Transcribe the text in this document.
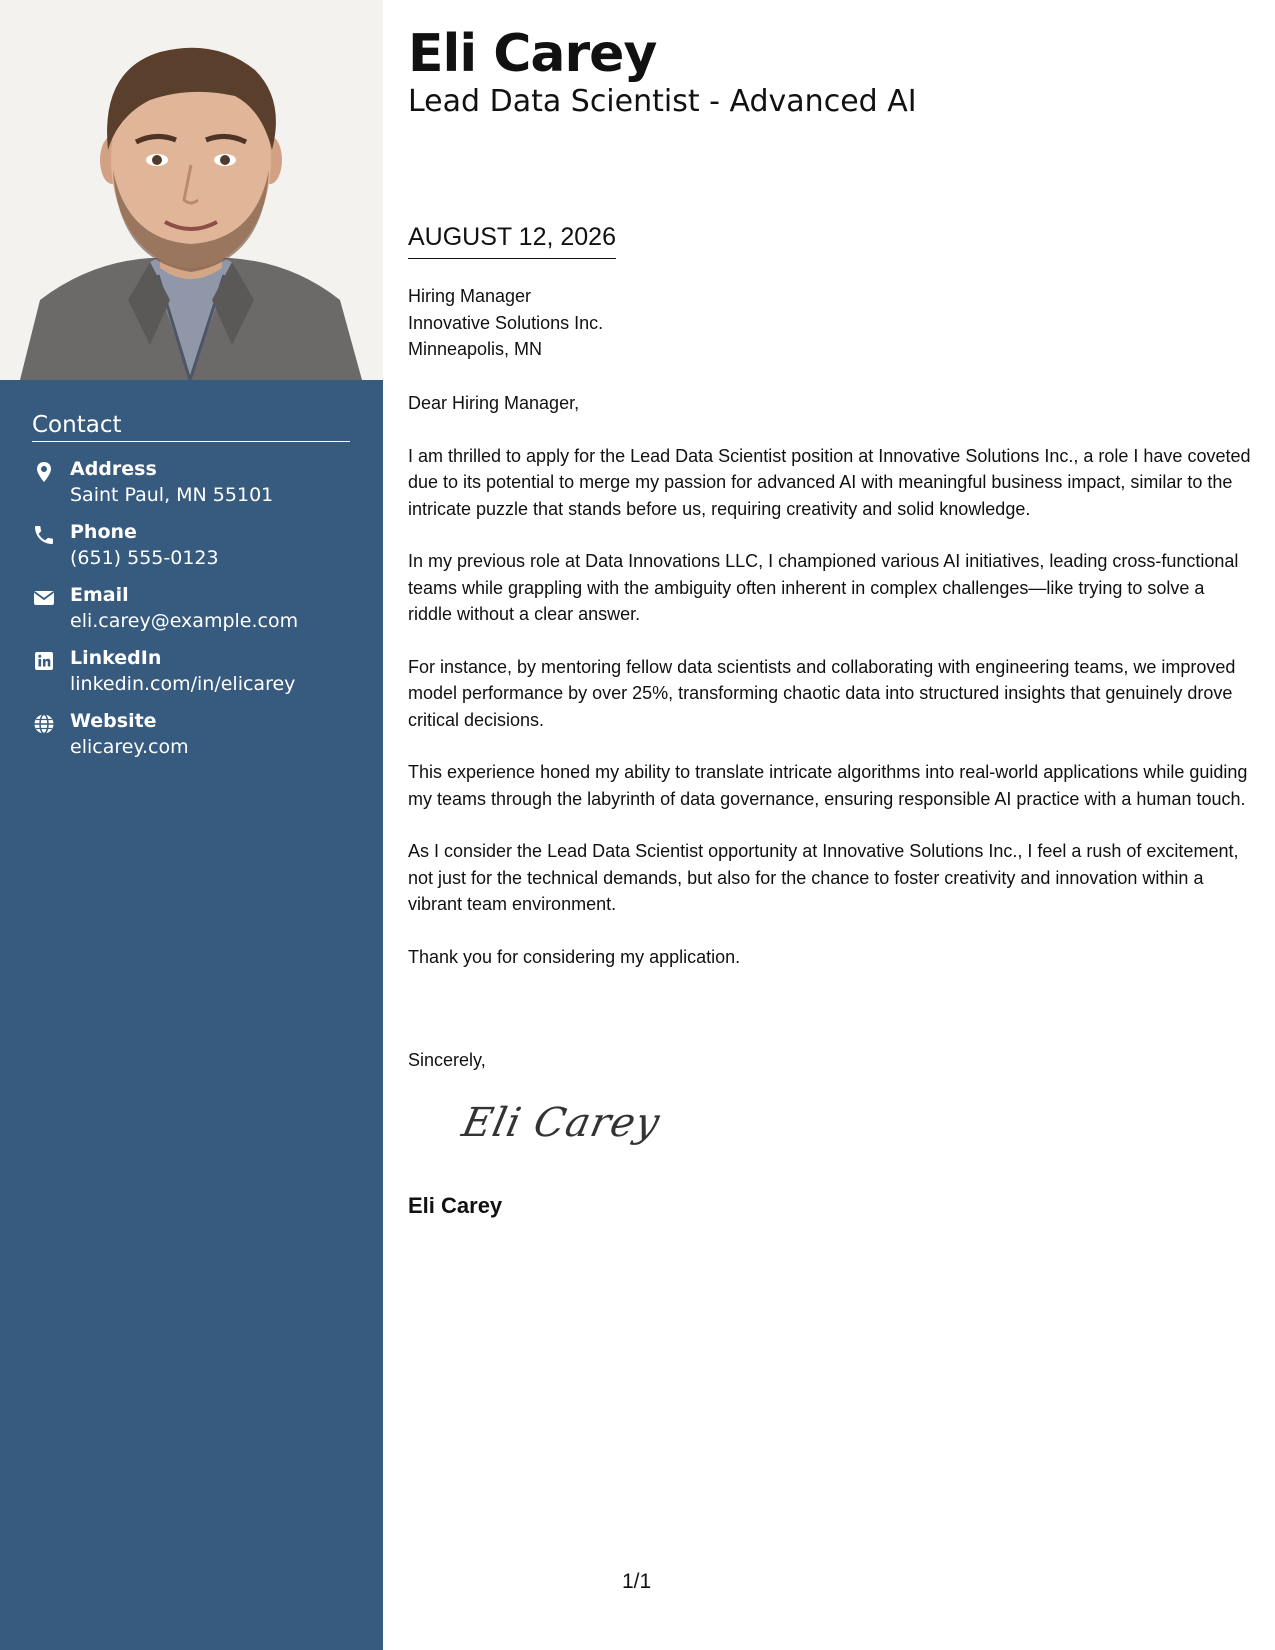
Contact
Address
Saint Paul, MN 55101
Phone
(651) 555-0123
Email
eli.carey@example.com
LinkedIn
linkedin.com/in/elicarey
Website
elicarey.com
Eli Carey
Lead Data Scientist - Advanced AI
AUGUST 12, 2026
Hiring Manager
Innovative Solutions Inc.
Minneapolis, MN

Dear Hiring Manager,

I am thrilled to apply for the Lead Data Scientist position at Innovative Solutions Inc., a role I have coveted due to its potential to merge my passion for advanced AI with meaningful business impact, similar to the intricate puzzle that stands before us, requiring creativity and solid knowledge.

In my previous role at Data Innovations LLC, I championed various AI initiatives, leading cross-functional teams while grappling with the ambiguity often inherent in complex challenges—like trying to solve a riddle without a clear answer.

For instance, by mentoring fellow data scientists and collaborating with engineering teams, we improved model performance by over 25%, transforming chaotic data into structured insights that genuinely drove critical decisions.

This experience honed my ability to translate intricate algorithms into real-world applications while guiding my teams through the labyrinth of data governance, ensuring responsible AI practice with a human touch.

As I consider the Lead Data Scientist opportunity at Innovative Solutions Inc., I feel a rush of excitement, not just for the technical demands, but also for the chance to foster creativity and innovation within a vibrant team environment.

Thank you for considering my application.

Sincerely,
Eli Carey
Eli Carey
1/1
